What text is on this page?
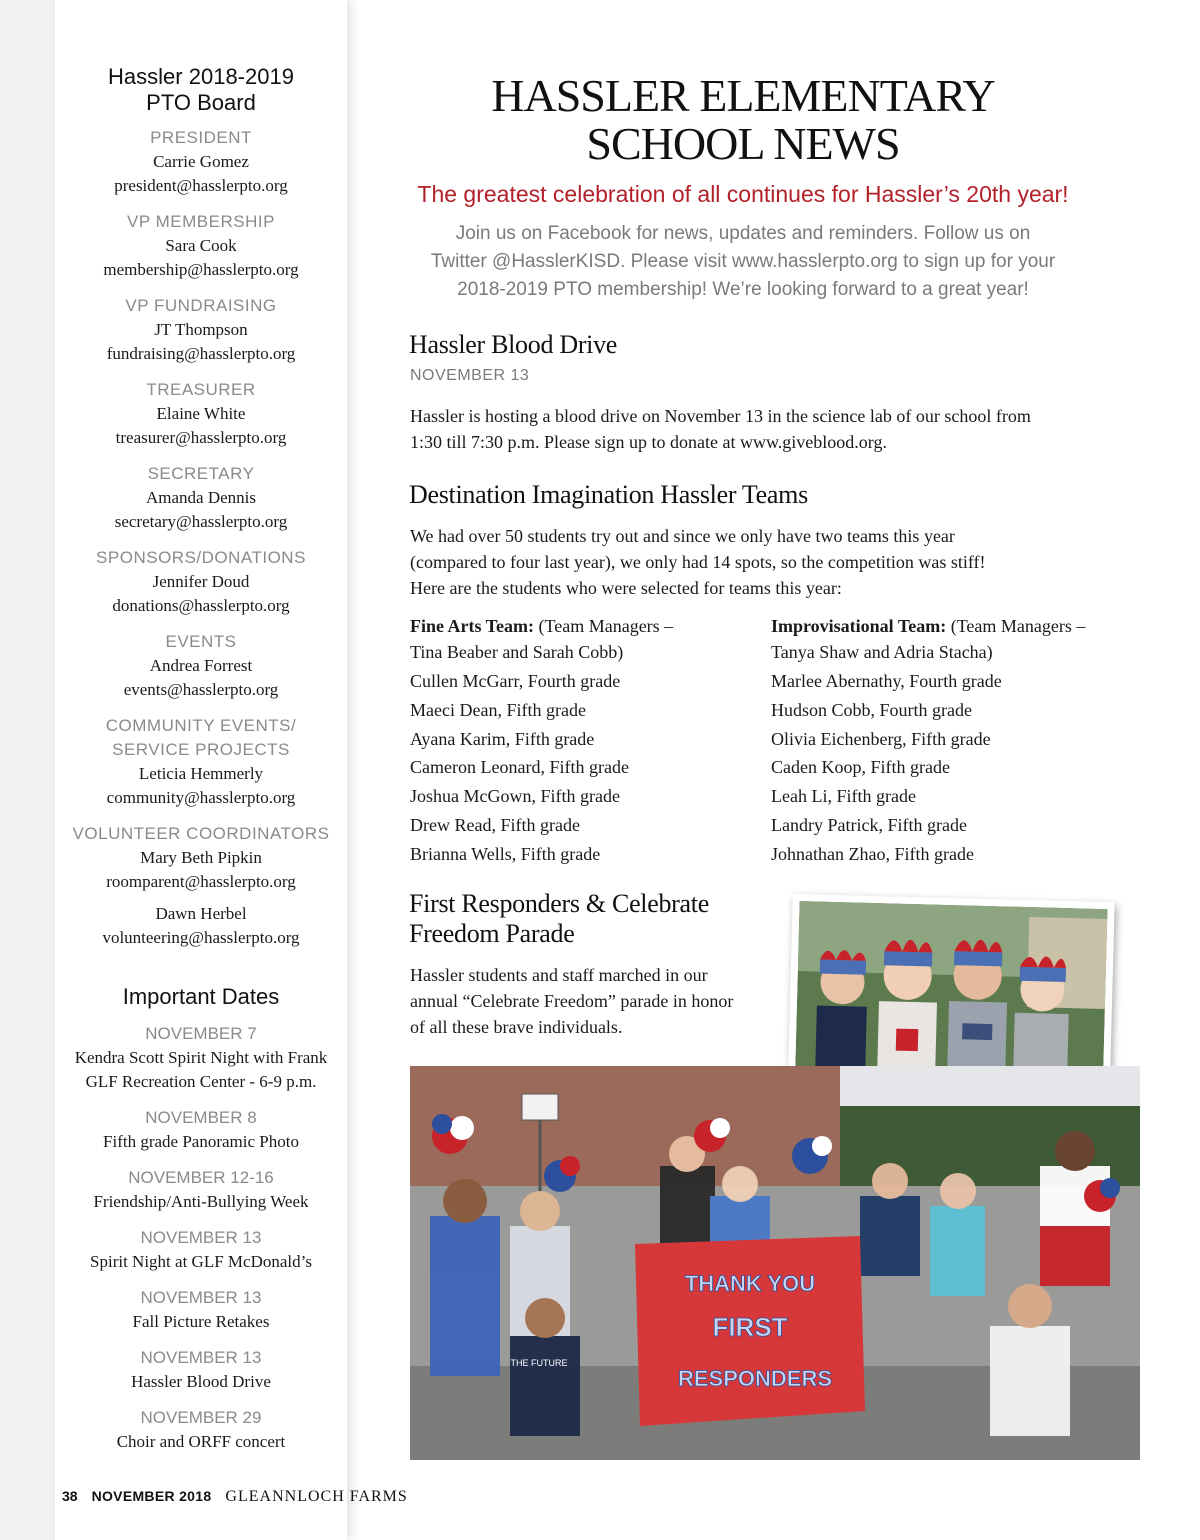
Hassler 2018-2019
PTO Board
PRESIDENT
Carrie Gomez
president@hasslerpto.org
VP MEMBERSHIP
Sara Cook
membership@hasslerpto.org
VP FUNDRAISING
JT Thompson
fundraising@hasslerpto.org
TREASURER
Elaine White
treasurer@hasslerpto.org
SECRETARY
Amanda Dennis
secretary@hasslerpto.org
SPONSORS/DONATIONS
Jennifer Doud
donations@hasslerpto.org
EVENTS
Andrea Forrest
events@hasslerpto.org
COMMUNITY EVENTS/
SERVICE PROJECTS
Leticia Hemmerly
community@hasslerpto.org
VOLUNTEER COORDINATORS
Mary Beth Pipkin
roomparent@hasslerpto.org
Dawn Herbel
volunteering@hasslerpto.org
Important Dates
NOVEMBER 7
Kendra Scott Spirit Night with Frank
GLF Recreation Center - 6-9 p.m.
NOVEMBER 8
Fifth grade Panoramic Photo
NOVEMBER 12-16
Friendship/Anti-Bullying Week
NOVEMBER 13
Spirit Night at GLF McDonald’s
NOVEMBER 13
Fall Picture Retakes
NOVEMBER 13
Hassler Blood Drive
NOVEMBER 29
Choir and ORFF concert
38 NOVEMBER 2018 GLEANNLOCH FARMS
HASSLER ELEMENTARY
SCHOOL NEWS
The greatest celebration of all continues for Hassler’s 20th year!
Join us on Facebook for news, updates and reminders. Follow us on
Twitter @HasslerKISD. Please visit www.hasslerpto.org to sign up for your
2018-2019 PTO membership! We’re looking forward to a great year!
Hassler Blood Drive
NOVEMBER 13
Hassler is hosting a blood drive on November 13 in the science lab of our school from
1:30 till 7:30 p.m. Please sign up to donate at www.giveblood.org.
Destination Imagination Hassler Teams
We had over 50 students try out and since we only have two teams this year
(compared to four last year), we only had 14 spots, so the competition was stiff!
Here are the students who were selected for teams this year:
Fine Arts Team: (Team Managers –
Tina Beaber and Sarah Cobb)
Cullen McGarr, Fourth grade
Maeci Dean, Fifth grade
Ayana Karim, Fifth grade
Cameron Leonard, Fifth grade
Joshua McGown, Fifth grade
Drew Read, Fifth grade
Brianna Wells, Fifth grade
Improvisational Team: (Team Managers –
Tanya Shaw and Adria Stacha)
Marlee Abernathy, Fourth grade
Hudson Cobb, Fourth grade
Olivia Eichenberg, Fifth grade
Caden Koop, Fifth grade
Leah Li, Fifth grade
Landry Patrick, Fifth grade
Johnathan Zhao, Fifth grade
First Responders & Celebrate
Freedom Parade
Hassler students and staff marched in our
annual “Celebrate Freedom” parade in honor
of all these brave individuals.
THANK YOU
FIRST
RESPONDERS
THE FUTURE
